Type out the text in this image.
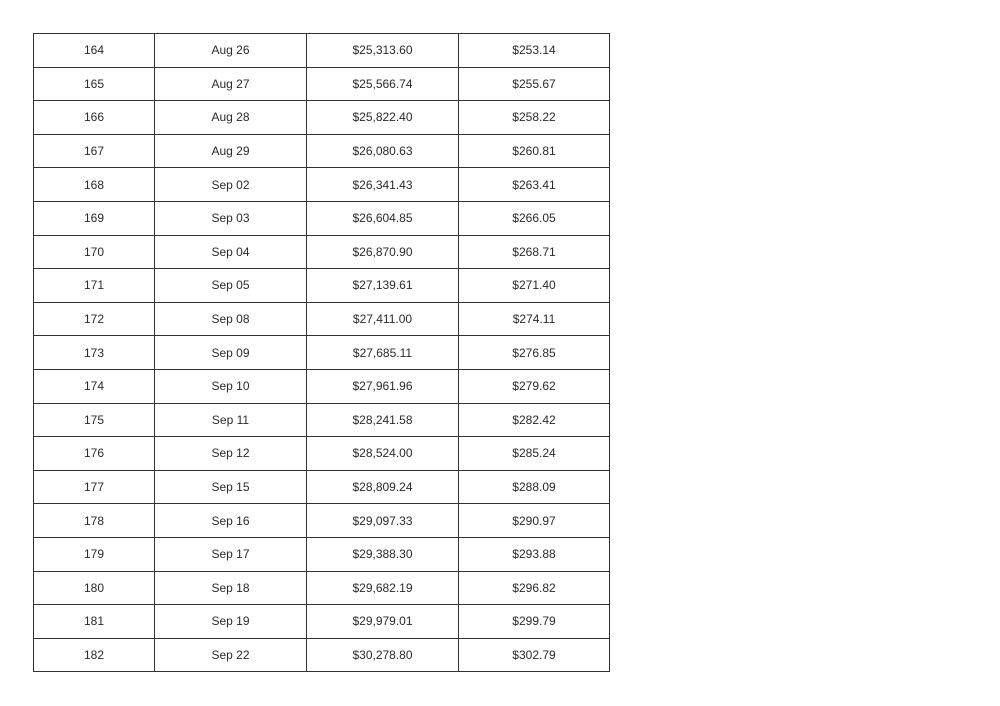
164	Aug 26	$25,313.60	$253.14
165	Aug 27	$25,566.74	$255.67
166	Aug 28	$25,822.40	$258.22
167	Aug 29	$26,080.63	$260.81
168	Sep 02	$26,341.43	$263.41
169	Sep 03	$26,604.85	$266.05
170	Sep 04	$26,870.90	$268.71
171	Sep 05	$27,139.61	$271.40
172	Sep 08	$27,411.00	$274.11
173	Sep 09	$27,685.11	$276.85
174	Sep 10	$27,961.96	$279.62
175	Sep 11	$28,241.58	$282.42
176	Sep 12	$28,524.00	$285.24
177	Sep 15	$28,809.24	$288.09
178	Sep 16	$29,097.33	$290.97
179	Sep 17	$29,388.30	$293.88
180	Sep 18	$29,682.19	$296.82
181	Sep 19	$29,979.01	$299.79
182	Sep 22	$30,278.80	$302.79
